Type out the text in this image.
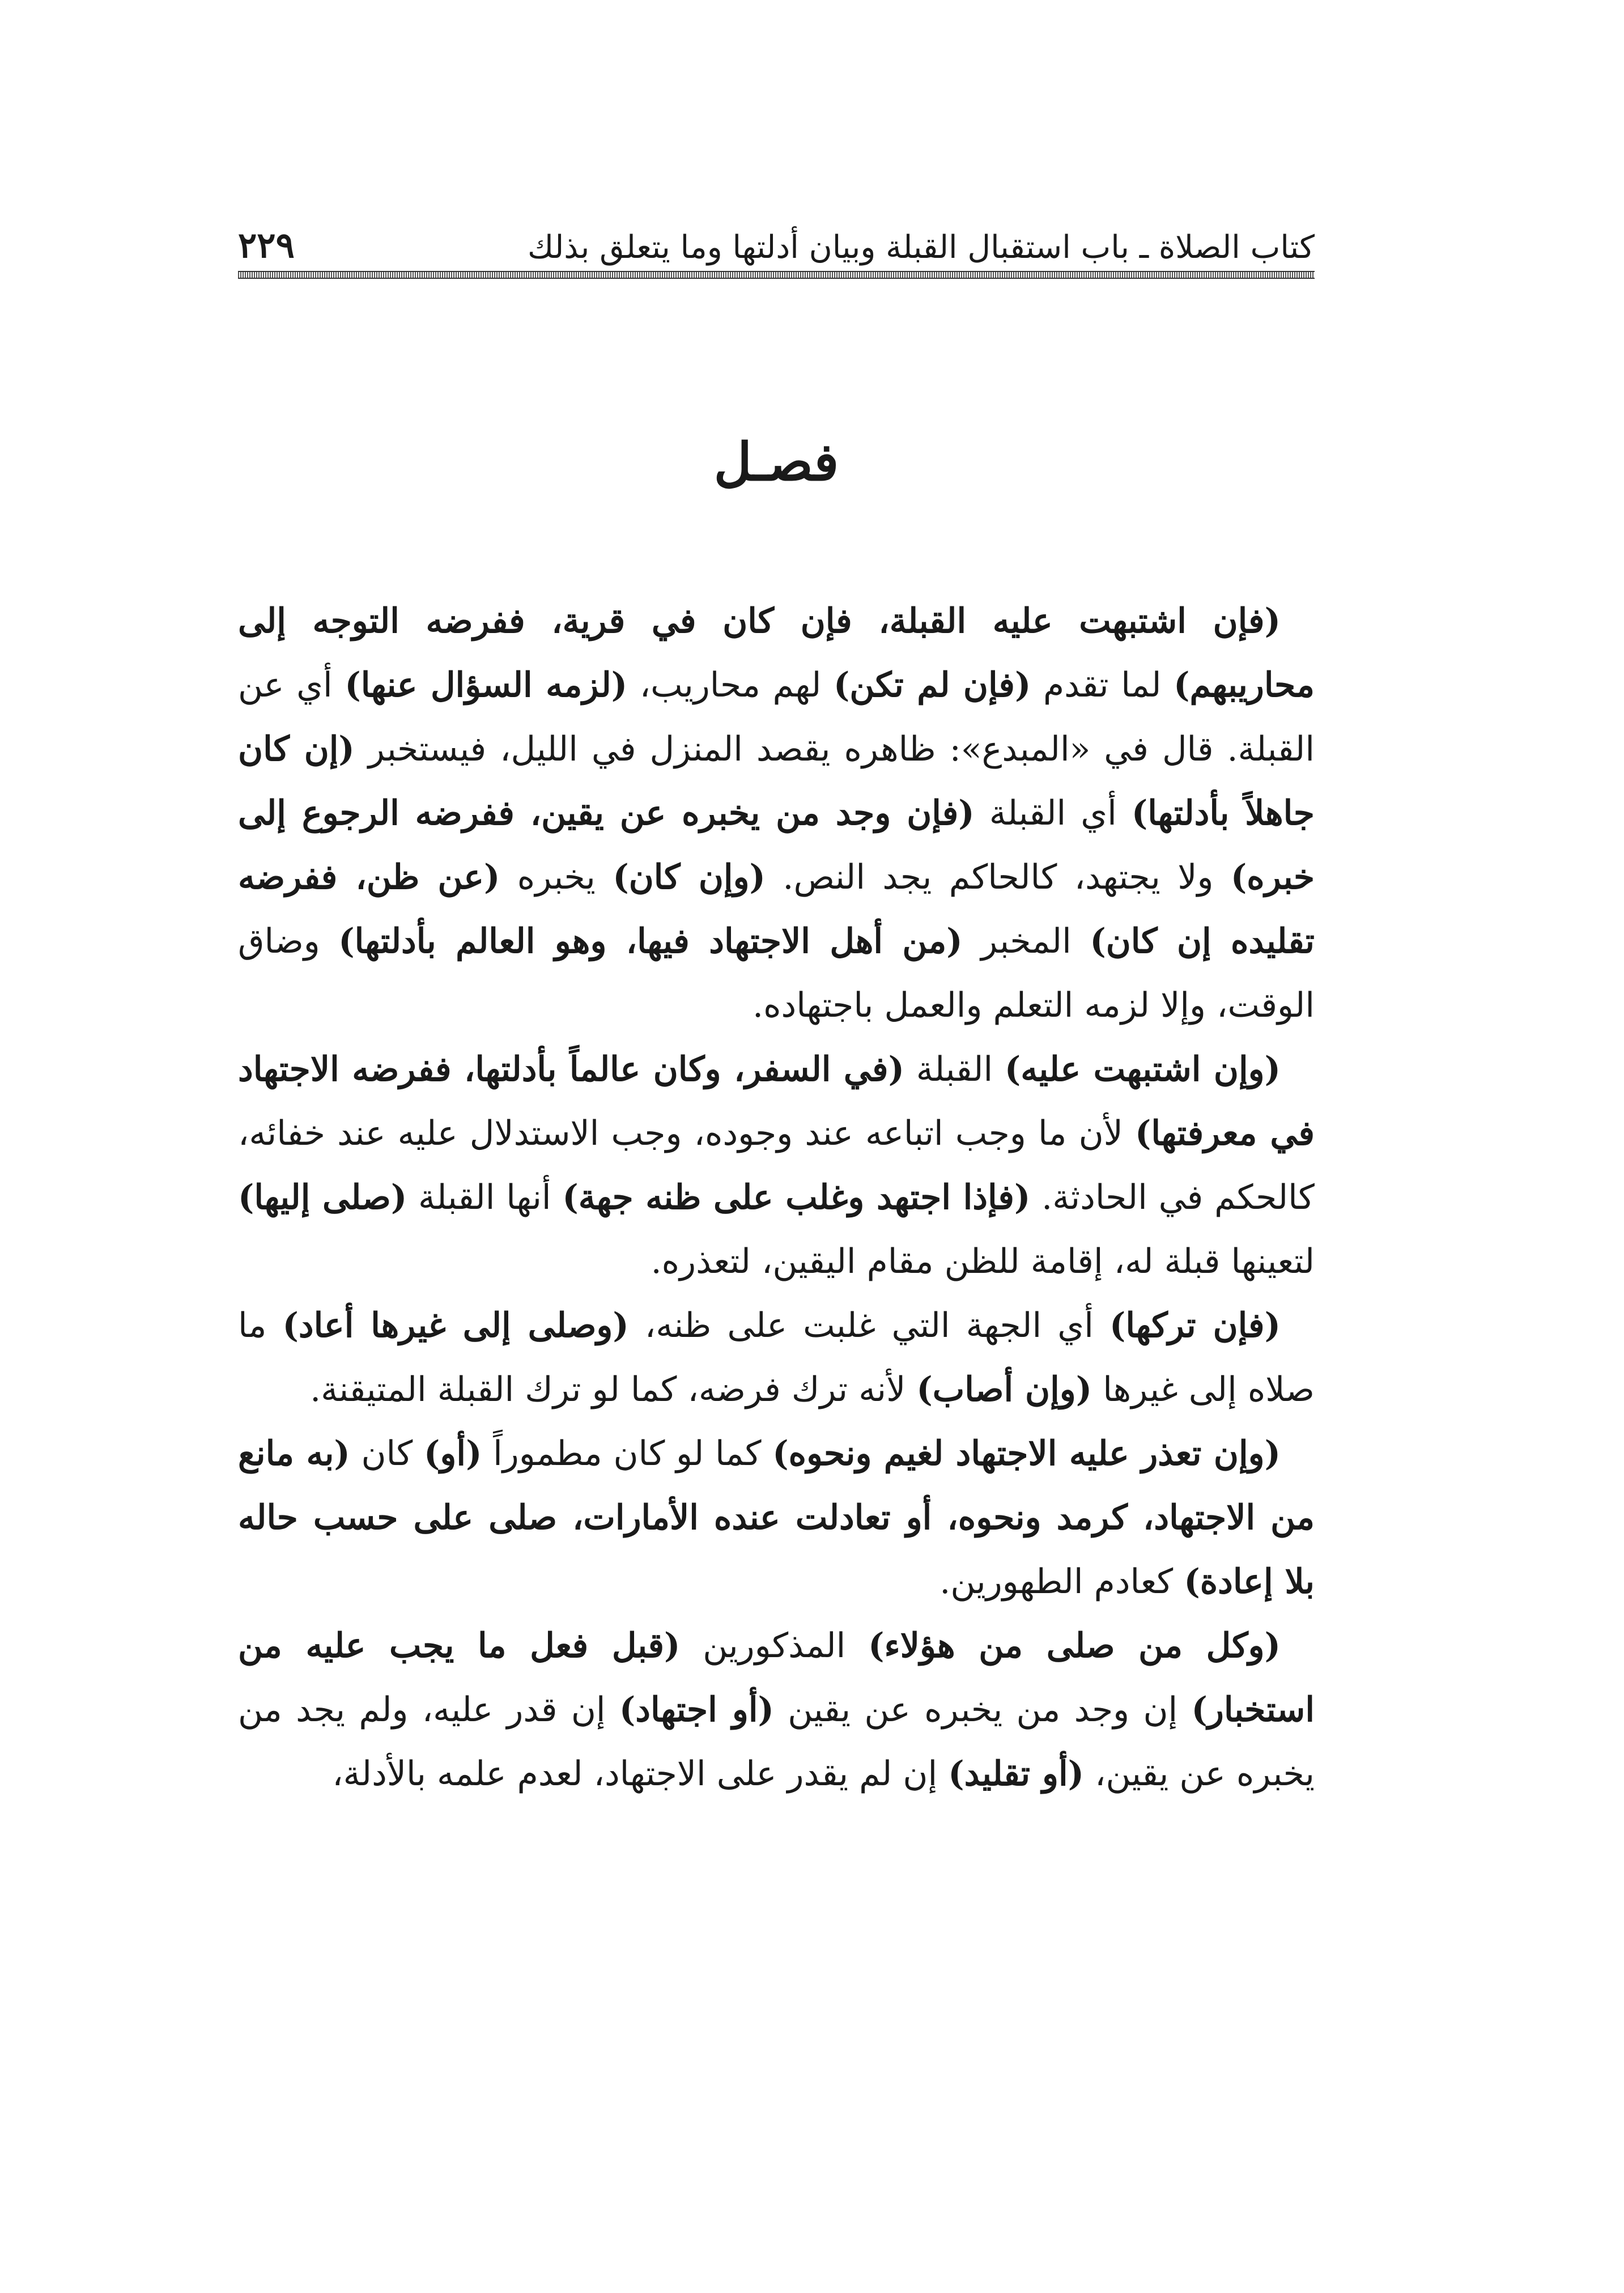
كتاب الصلاة ـ باب استقبال القبلة وبيان أدلتها وما يتعلق بذلك
٢٢٩
فصـل

(فإن اشتبهت عليه القبلة، فإن كان في قرية، ففرضه التوجه إلى محاريبهم) لما تقدم (فإن لم تكن) لهم محاريب، (لزمه السؤال عنها) أي عن القبلة. قال في «المبدع»: ظاهره يقصد المنزل في الليل، فيستخبر (إن كان جاهلاً بأدلتها) أي القبلة (فإن وجد من يخبره عن يقين، ففرضه الرجوع إلى خبره) ولا يجتهد، كالحاكم يجد النص. (وإن كان) يخبره (عن ظن، ففرضه تقليده إن كان) المخبر (من أهل الاجتهاد فيها، وهو العالم بأدلتها) وضاق الوقت، وإلا لزمه التعلم والعمل باجتهاده.

(وإن اشتبهت عليه) القبلة (في السفر، وكان عالماً بأدلتها، ففرضه الاجتهاد في معرفتها) لأن ما وجب اتباعه عند وجوده، وجب الاستدلال عليه عند خفائه، كالحكم في الحادثة. (فإذا اجتهد وغلب على ظنه جهة) أنها القبلة (صلى إليها) لتعينها قبلة له، إقامة للظن مقام اليقين، لتعذره.

(فإن تركها) أي الجهة التي غلبت على ظنه، (وصلى إلى غيرها أعاد) ما صلاه إلى غيرها (وإن أصاب) لأنه ترك فرضه، كما لو ترك القبلة المتيقنة.

(وإن تعذر عليه الاجتهاد لغيم ونحوه) كما لو كان مطموراً (أو) كان (به مانع من الاجتهاد، كرمد ونحوه، أو تعادلت عنده الأمارات، صلى على حسب حاله بلا إعادة) كعادم الطهورين.

(وكل من صلى من هؤلاء) المذكورين (قبل فعل ما يجب عليه من استخبار) إن وجد من يخبره عن يقين (أو اجتهاد) إن قدر عليه، ولم يجد من يخبره عن يقين، (أو تقليد) إن لم يقدر على الاجتهاد، لعدم علمه بالأدلة،
